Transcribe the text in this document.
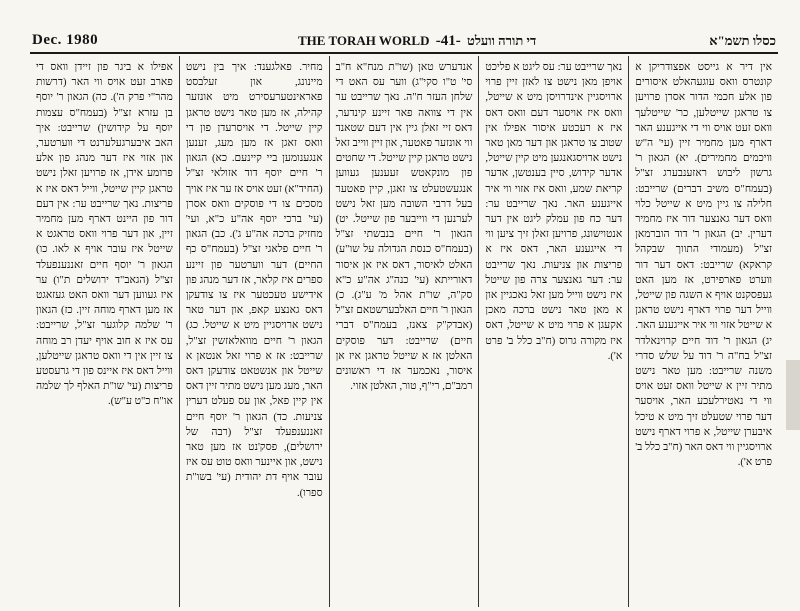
Dec. 1980	THE TORAH WORLD -41- די תורה וועלט	כסלו תשמ"א

אין דיר א גייסט אפצודריקן א קונטרס וואס עוגעהאלט איסורים פון אלע חכמי הדור אסרן פרויען צו טראגן שייטלען, כר' שייטלעך וואס זעט אויס ווי די אייגענע האר דארף מען מחמיר זיין (עי' ה"ש וויכמים מחמירים). יא) הגאון ר' גרשון ליבוש ראזענבערג זצ"ל (בעמח"ס משיב דברים) שרייבט: חלילה צו גיין מיט א שייטל כלוי וואס דער גאנצער דור איז מחמיר דערין. יב) הגאון ר' דוד הוברמאן זצ"ל (מעמודי התווך שבקהל קראקא) שרייבט: דאס דער דור ווערט פארפירט, אז מען האט געפסקנט אויף א השגה פון שייטל, ווייל דער פרוי דארף נישט טראגן א שייטל אזוי ווי איר אייגענע האר. יג) הגאון ר' דוד חיים קרוינאלדר זצ"ל בח"ה ר' דוד על שלש סדרי משנה שרייבט: מען טאר נישט מתיר זיין א שייטל וואס זעט אויס ווי די נאטירלעכע האר, אויסער דער פרוי שטעלט זיך מיט א טיכל איבערן שייטל, א פרוי דארף נישט ארויסגיין ווי דאס האר (ח"ב כלל ב' פרט א').

נאך שרייבט ער: עס ליגט א פליכט אויפן מאן נישט צו לאזן זיין פרוי ארויסגיין אינדרויסן מיט א שייטל, וואס איז אויסער דעם וואס דאס איז א רעכטע איסור אפילו אין שטוב צו טראגן און דער מאן טאר נישט ארויסגאנגען מיט קיין שייטל, אדער קידוש, סיין בענטשן, אדער קריאת שמע, וואס איז אזוי ווי איר אייגענע האר. נאך שרייבט ער: דער כח פון עמלק ליגט אין דער אנטוישונג, פרויען זאלן זיך ציען ווי די אייגענע האר, דאס איז א פריצות און צניעות. נאך שרייבט ער: דער גאנצער צרה פון שייטל איז נישט ווייל מען זאל נאכגיין און א מאן טאר נישט ברכה מאכן אקעגן א פרוי מיט א שייטל, דאס איז מקורה גרוס (ח"ב כלל ב' פרט א').

אנדערש טאן (שו"ת מנח"א ח"ב סי' ט"ו סקי"ג) ווער עס האט די שלחן העזר ח"ה. נאך שרייבט ער אין די צוואה פאר זיינע קינדער, דאס זיי זאלן גיין אין דעם שטאנד ווי אונזער פאטער, און זיין ווייב זאל נישט טראגן קיין שייטל. די שחטים פון מונקאטש זעענען געווען אנגעשטעלט צו זאגן, קיין פאטער בעל דרבי השובה מען זאל נישט לערנען די ווייבער פון שייטל. יט) הגאון ר' חיים בנבשתי זצ"ל (בעמח"ס כנסת הגדולה על שו"ע) האלט לאיסור, דאס איז אן איסור דאורייתא (עי' כנה"ג אה"ע כ"א סק"ה, שו"ת אהל מ' ע"ג). כ) הגאון ר' חיים האלבערשטאם זצ"ל (אבדק"ק צאנז, בעמח"ס דברי חיים) שרייבט: דער פוסקים האלטן אז א שייטל טראגן איז אן איסור, נאכמער אז די ראשונים רמב"ם, רי"ף, טור, האלטן אזוי.

מחיר. פאלגענד: איך בין נישט מיינונג, און זעלבסט פאראינטערעסירט מיט אונזער קהילה, אז מען טאר נישט טראגן קיין שייטל. די אויסרעדן פון די וואס זאגן אז מען מעג, זענען אנגענומען ביי קיינעם. כא) הגאון ר' חיים יוסף דוד אזולאי זצ"ל (החיד"א) זעט אויס אז ער איז אויך מסכים צו די פוסקים וואס אסרן (עי' ברכי יוסף אה"ע כ"א, ועי' מחזיק ברכה אה"ע ג'). כב) הגאון ר' חיים פלאגי זצ"ל (בעמח"ס כף החיים) דער ווערטער פון זיינע ספרים איז קלאר, אז דער מנהג פון אידישע טעכטער איז צו צודעקן דאס גאנצע קאפ, און דער טאר נישט ארויסגיין מיט א שייטל. כג) הגאון ר' חיים מוואלאזשין זצ"ל, שרייבט: אז א פרוי זאל אנטאן א שייטל און אנשטאט צודעקן דאס האר, מעג מען נישט מתיר זיין דאס אין קיין פאל, און עס פעלט דערין צניעות. כד) הגאון ר' יוסף חיים זאננענפעלד זצ"ל (רבה של ירושלים), פסק'נט אז מען טאר נישט, און איינער וואס טוט עס איז עובר אויף דת יהודית (עי' בשו"ת ספרו).

אפילו א ביגר פון זיידן וואס די פארב זעט אויס ווי האר (דרשות מהר"י פרק ה'). כה) הגאון ר' יוסף בן עזרא זצ"ל (בעמח"ס עצמות יוסף על קידושין) שרייבט: איך האב איבערגעלערנט די ווערטער, און אזוי איז דער מנהג פון אלע פרומע אידן, אז פרויען זאלן נישט טראגן קיין שייטל, ווייל דאס איז א פריצות. נאך שרייבט ער: אין דעם דור פון היינט דארף מען מחמיר זיין, און דער פרוי וואס טראגט א שייטל איז עובר אויף א לאו. כו) הגאון ר' יוסף חיים זאננענפעלד זצ"ל (הגאב"ד ירושלים ת"ו) ער איז געווען דער וואס האט געזאגט אז מען דארף מוחה זיין. כז) הגאון ר' שלמה קלוגער זצ"ל, שרייבט: עס איז א חוב אויף יעדן רב מוחה צו זיין אין די וואס טראגן שייטלען, ווייל דאס איז איינס פון די גרעסטע פריצות (עי' שו"ת האלף לך שלמה או"ח כ"ט ע"ש).
